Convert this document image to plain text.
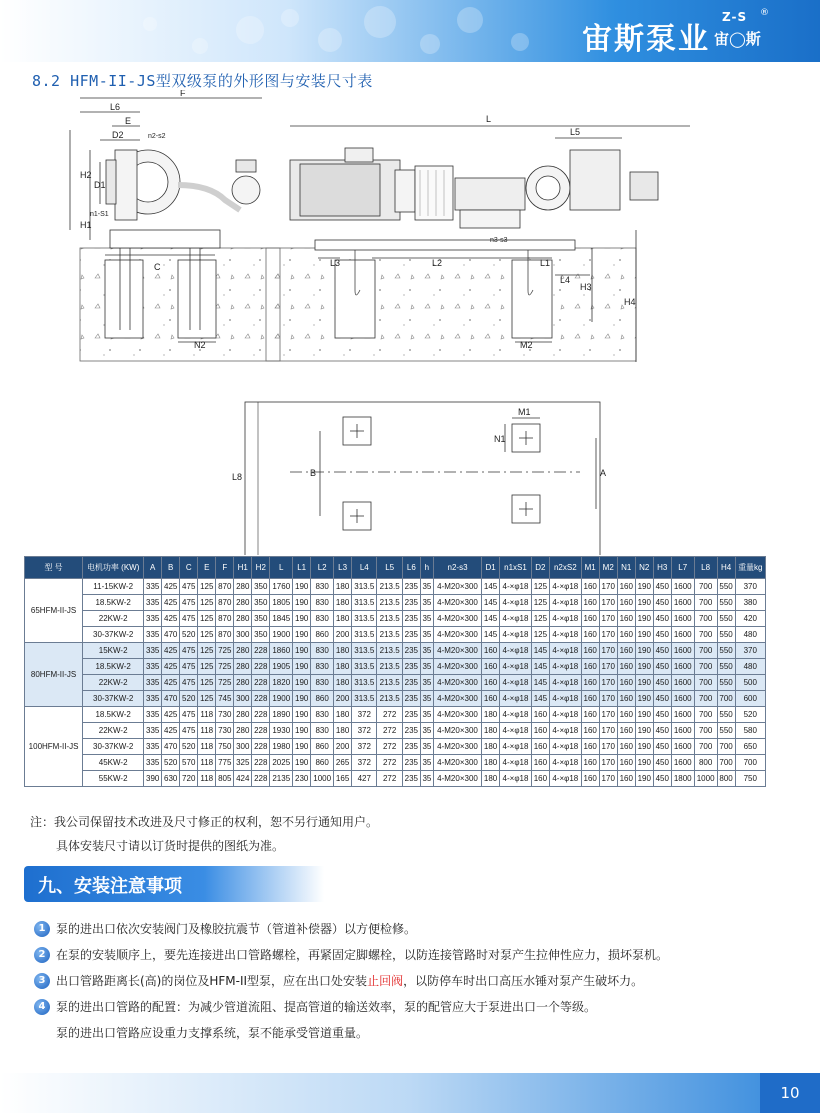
宙斯泵业
Z-S
宙◯斯
®
8.2 HFM-II-JS型双级泵的外形图与安装尺寸表
F
L6
E
D2	n2-s2
H2
D1
n1-S1
H1
C
N2
L
L5
L3	L2	L1
n3-s3
L4
H3
H4
M2
L8	B	A
M1
N1
型 号	电机功率 (KW)	A	B	C	E	F	H1	H2	L	L1	L2	L3	L4	L5	L6	h	n2-s3	D1	n1xS1	D2	n2xS2	M1	M2	N1	N2	H3	L7	L8	H4	重量kg
65HFM-II-JS	11-15KW-2	335	425	475	125	870	280	350	1760	190	830	180	313.5	213.5	235	35	4-M20×300	145	4-×φ18	125	4-×φ18	160	170	160	190	450	1600	700	550	370
	18.5KW-2	335	425	475	125	870	280	350	1805	190	830	180	313.5	213.5	235	35	4-M20×300	145	4-×φ18	125	4-×φ18	160	170	160	190	450	1600	700	550	380
	22KW-2	335	425	475	125	870	280	350	1845	190	830	180	313.5	213.5	235	35	4-M20×300	145	4-×φ18	125	4-×φ18	160	170	160	190	450	1600	700	550	420
	30-37KW-2	335	470	520	125	870	300	350	1900	190	860	200	313.5	213.5	235	35	4-M20×300	145	4-×φ18	125	4-×φ18	160	170	160	190	450	1600	700	550	480
80HFM-II-JS	15KW-2	335	425	475	125	725	280	228	1860	190	830	180	313.5	213.5	235	35	4-M20×300	160	4-×φ18	145	4-×φ18	160	170	160	190	450	1600	700	550	370
	18.5KW-2	335	425	475	125	725	280	228	1905	190	830	180	313.5	213.5	235	35	4-M20×300	160	4-×φ18	145	4-×φ18	160	170	160	190	450	1600	700	550	480
	22KW-2	335	425	475	125	725	280	228	1820	190	830	180	313.5	213.5	235	35	4-M20×300	160	4-×φ18	145	4-×φ18	160	170	160	190	450	1600	700	550	500
	30-37KW-2	335	470	520	125	745	300	228	1900	190	860	200	313.5	213.5	235	35	4-M20×300	160	4-×φ18	145	4-×φ18	160	170	160	190	450	1600	700	700	600
100HFM-II-JS	18.5KW-2	335	425	475	118	730	280	228	1890	190	830	180	372	272	235	35	4-M20×300	180	4-×φ18	160	4-×φ18	160	170	160	190	450	1600	700	550	520
	22KW-2	335	425	475	118	730	280	228	1930	190	830	180	372	272	235	35	4-M20×300	180	4-×φ18	160	4-×φ18	160	170	160	190	450	1600	700	550	580
	30-37KW-2	335	470	520	118	750	300	228	1980	190	860	200	372	272	235	35	4-M20×300	180	4-×φ18	160	4-×φ18	160	170	160	190	450	1600	700	700	650
	45KW-2	335	520	570	118	775	325	228	2025	190	860	265	372	272	235	35	4-M20×300	180	4-×φ18	160	4-×φ18	160	170	160	190	450	1600	800	700	700
	55KW-2	390	630	720	118	805	424	228	2135	230	1000	165	427	272	235	35	4-M20×300	180	4-×φ18	160	4-×φ18	160	170	160	190	450	1800	1000	800	750
注：我公司保留技术改进及尺寸修正的权利，恕不另行通知用户。
具体安装尺寸请以订货时提供的图纸为准。
九、安装注意事项
1 泵的进出口依次安装阀门及橡胶抗震节（管道补偿器）以方便检修。
2 在泵的安装顺序上，要先连接进出口管路螺栓，再紧固定脚螺栓，以防连接管路时对泵产生拉伸性应力，损坏泵机。
3 出口管路距离长(高)的岗位及HFM-II型泵，应在出口处安装止回阀，以防停车时出口高压水锤对泵产生破坏力。
4 泵的进出口管路的配置：为减少管道流阻、提高管道的输送效率，泵的配管应大于泵进出口一个等级。
泵的进出口管路应设重力支撑系统，泵不能承受管道重量。
10
